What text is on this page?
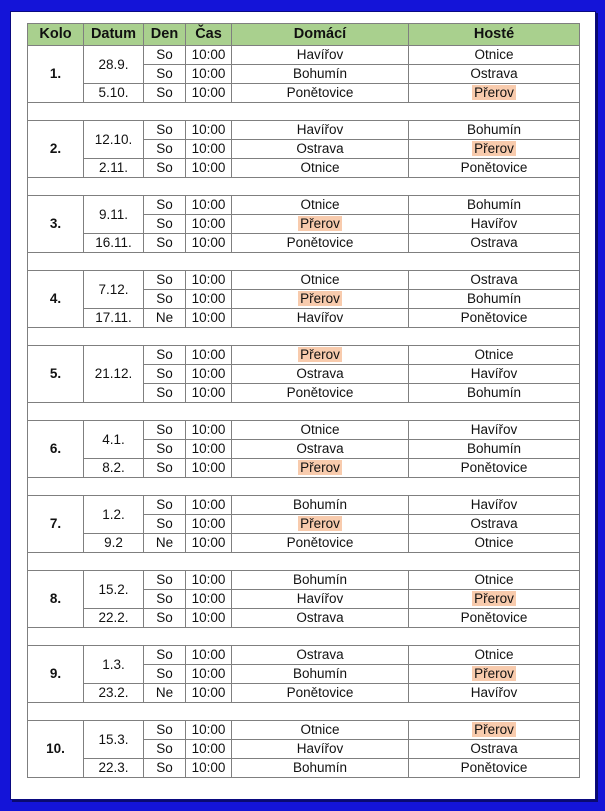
Kolo	Datum	Den	Čas	Domácí	Hosté
1.	28.9.	So	10:00	Havířov	Otnice
		So	10:00	Bohumín	Ostrava
	5.10.	So	10:00	Ponětovice	Přerov

2.	12.10.	So	10:00	Havířov	Bohumín
		So	10:00	Ostrava	Přerov
	2.11.	So	10:00	Otnice	Ponětovice

3.	9.11.	So	10:00	Otnice	Bohumín
		So	10:00	Přerov	Havířov
	16.11.	So	10:00	Ponětovice	Ostrava

4.	7.12.	So	10:00	Otnice	Ostrava
		So	10:00	Přerov	Bohumín
	17.11.	Ne	10:00	Havířov	Ponětovice

5.	21.12.	So	10:00	Přerov	Otnice
		So	10:00	Ostrava	Havířov
		So	10:00	Ponětovice	Bohumín

6.	4.1.	So	10:00	Otnice	Havířov
		So	10:00	Ostrava	Bohumín
	8.2.	So	10:00	Přerov	Ponětovice

7.	1.2.	So	10:00	Bohumín	Havířov
		So	10:00	Přerov	Ostrava
	9.2	Ne	10:00	Ponětovice	Otnice

8.	15.2.	So	10:00	Bohumín	Otnice
		So	10:00	Havířov	Přerov
	22.2.	So	10:00	Ostrava	Ponětovice

9.	1.3.	So	10:00	Ostrava	Otnice
		So	10:00	Bohumín	Přerov
	23.2.	Ne	10:00	Ponětovice	Havířov

10.	15.3.	So	10:00	Otnice	Přerov
		So	10:00	Havířov	Ostrava
	22.3.	So	10:00	Bohumín	Ponětovice
